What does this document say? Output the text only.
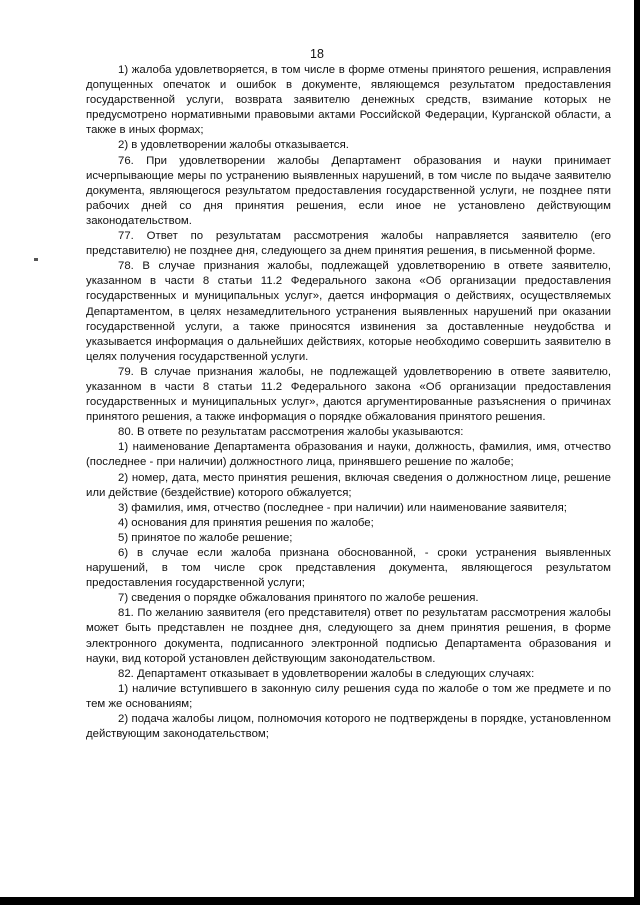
18

1) жалоба удовлетворяется, в том числе в форме отмены принятого решения, исправления допущенных опечаток и ошибок в документе, являющемся результатом предоставления государственной услуги, возврата заявителю денежных средств, взимание которых не предусмотрено нормативными правовыми актами Российской Федерации, Курганской области, а также в иных формах;

2) в удовлетворении жалобы отказывается.

76. При удовлетворении жалобы Департамент образования и науки принимает исчерпывающие меры по устранению выявленных нарушений, в том числе по выдаче заявителю документа, являющегося результатом предоставления государственной услуги, не позднее пяти рабочих дней со дня принятия решения, если иное не установлено действующим законодательством.

77. Ответ по результатам рассмотрения жалобы направляется заявителю (его представителю) не позднее дня, следующего за днем принятия решения, в письменной форме.

78. В случае признания жалобы, подлежащей удовлетворению в ответе заявителю, указанном в части 8 статьи 11.2 Федерального закона «Об организации предоставления государственных и муниципальных услуг», дается информация о действиях, осуществляемых Департаментом, в целях незамедлительного устранения выявленных нарушений при оказании государственной услуги, а также приносятся извинения за доставленные неудобства и указывается информация о дальнейших действиях, которые необходимо совершить заявителю в целях получения государственной услуги.

79. В случае признания жалобы, не подлежащей удовлетворению в ответе заявителю, указанном в части 8 статьи 11.2 Федерального закона «Об организации предоставления государственных и муниципальных услуг», даются аргументированные разъяснения о причинах принятого решения, а также информация о порядке обжалования принятого решения.

80. В ответе по результатам рассмотрения жалобы указываются:

1) наименование Департамента образования и науки, должность, фамилия, имя, отчество (последнее - при наличии) должностного лица, принявшего решение по жалобе;

2) номер, дата, место принятия решения, включая сведения о должностном лице, решение или действие (бездействие) которого обжалуется;

3) фамилия, имя, отчество (последнее - при наличии) или наименование заявителя;

4) основания для принятия решения по жалобе;

5) принятое по жалобе решение;

6) в случае если жалоба признана обоснованной, - сроки устранения выявленных нарушений, в том числе срок представления документа, являющегося результатом предоставления государственной услуги;

7) сведения о порядке обжалования принятого по жалобе решения.

81. По желанию заявителя (его представителя) ответ по результатам рассмотрения жалобы может быть представлен не позднее дня, следующего за днем принятия решения, в форме электронного документа, подписанного электронной подписью Департамента образования и науки, вид которой установлен действующим законодательством.

82. Департамент отказывает в удовлетворении жалобы в следующих случаях:

1) наличие вступившего в законную силу решения суда по жалобе о том же предмете и по тем же основаниям;

2) подача жалобы лицом, полномочия которого не подтверждены в порядке, установленном действующим законодательством;
